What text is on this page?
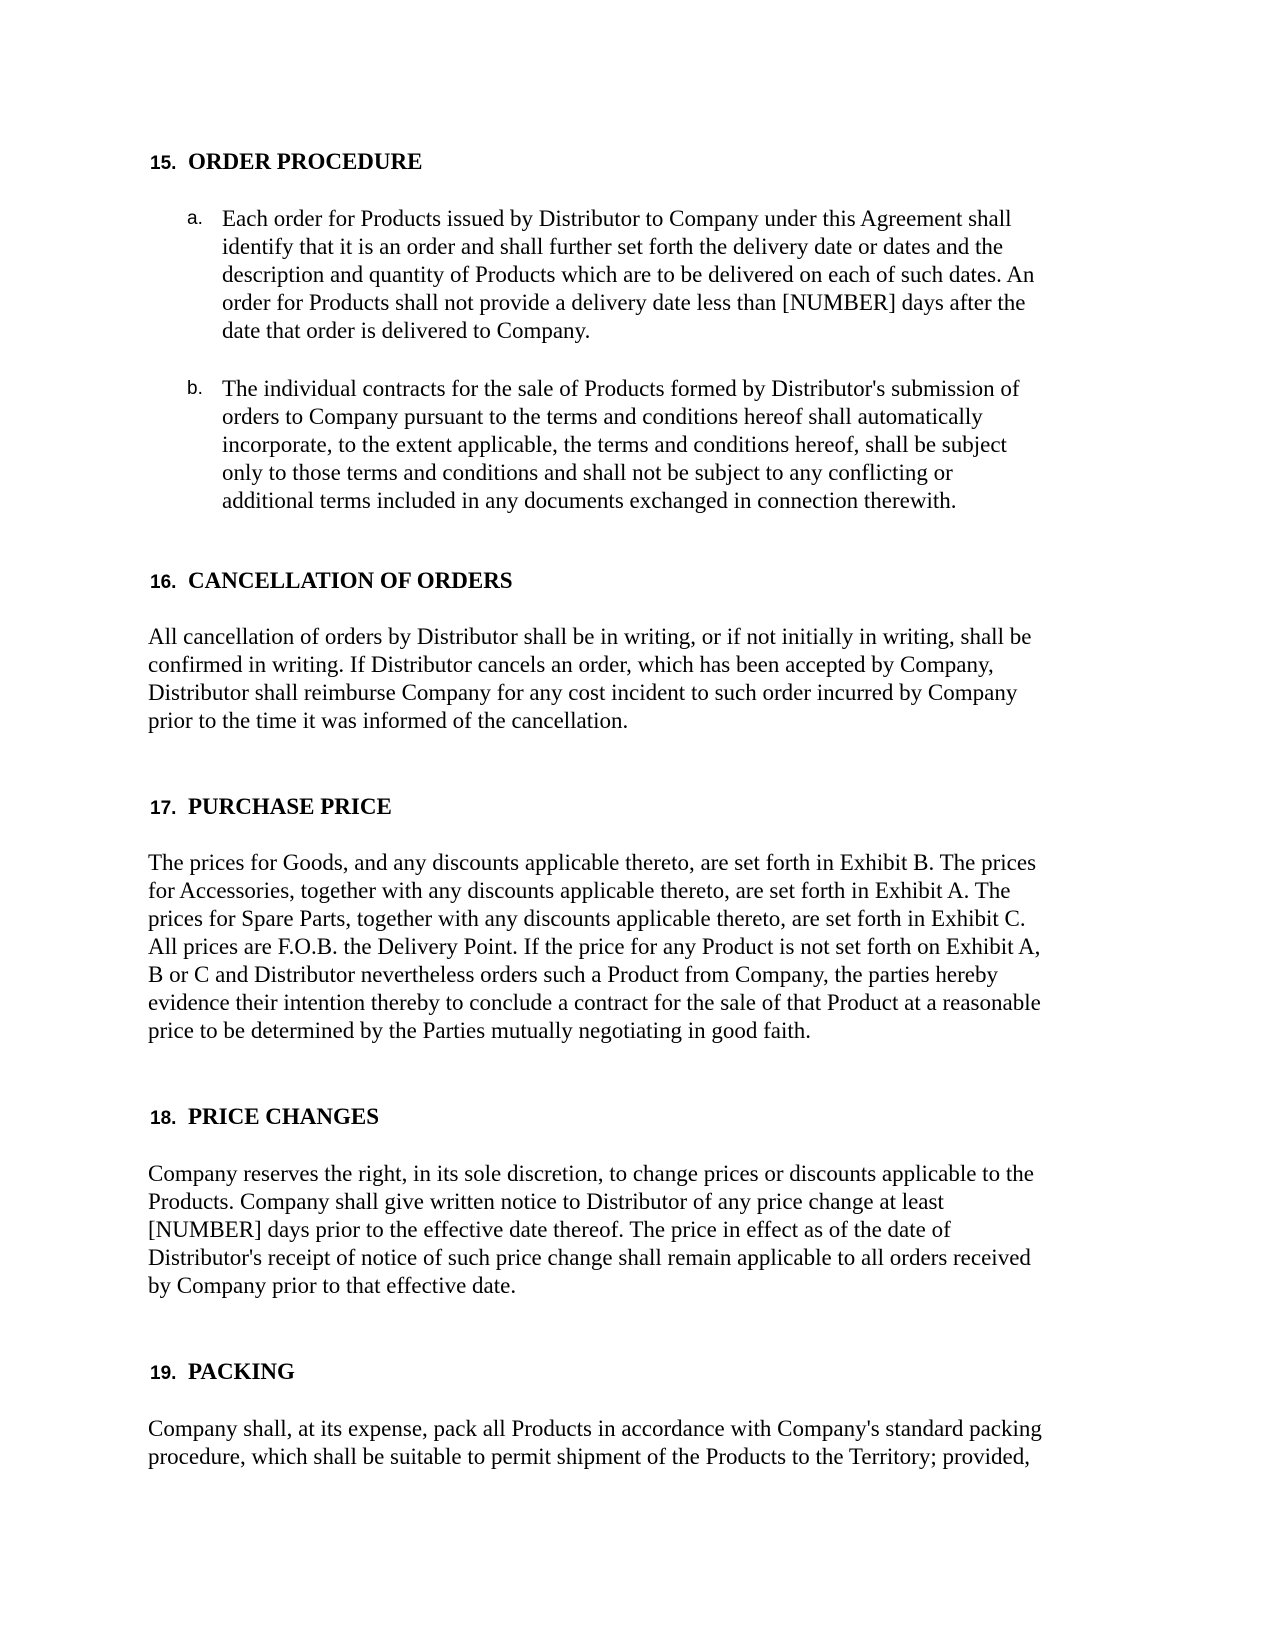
15. ORDER PROCEDURE
a. Each order for Products issued by Distributor to Company under this Agreement shall
identify that it is an order and shall further set forth the delivery date or dates and the
description and quantity of Products which are to be delivered on each of such dates. An
order for Products shall not provide a delivery date less than [NUMBER] days after the
date that order is delivered to Company.
b. The individual contracts for the sale of Products formed by Distributor's submission of
orders to Company pursuant to the terms and conditions hereof shall automatically
incorporate, to the extent applicable, the terms and conditions hereof, shall be subject
only to those terms and conditions and shall not be subject to any conflicting or
additional terms included in any documents exchanged in connection therewith.
16. CANCELLATION OF ORDERS
All cancellation of orders by Distributor shall be in writing, or if not initially in writing, shall be
confirmed in writing. If Distributor cancels an order, which has been accepted by Company,
Distributor shall reimburse Company for any cost incident to such order incurred by Company
prior to the time it was informed of the cancellation.
17. PURCHASE PRICE
The prices for Goods, and any discounts applicable thereto, are set forth in Exhibit B. The prices
for Accessories, together with any discounts applicable thereto, are set forth in Exhibit A. The
prices for Spare Parts, together with any discounts applicable thereto, are set forth in Exhibit C.
All prices are F.O.B. the Delivery Point. If the price for any Product is not set forth on Exhibit A,
B or C and Distributor nevertheless orders such a Product from Company, the parties hereby
evidence their intention thereby to conclude a contract for the sale of that Product at a reasonable
price to be determined by the Parties mutually negotiating in good faith.
18. PRICE CHANGES
Company reserves the right, in its sole discretion, to change prices or discounts applicable to the
Products. Company shall give written notice to Distributor of any price change at least
[NUMBER] days prior to the effective date thereof. The price in effect as of the date of
Distributor's receipt of notice of such price change shall remain applicable to all orders received
by Company prior to that effective date.
19. PACKING
Company shall, at its expense, pack all Products in accordance with Company's standard packing
procedure, which shall be suitable to permit shipment of the Products to the Territory; provided,
